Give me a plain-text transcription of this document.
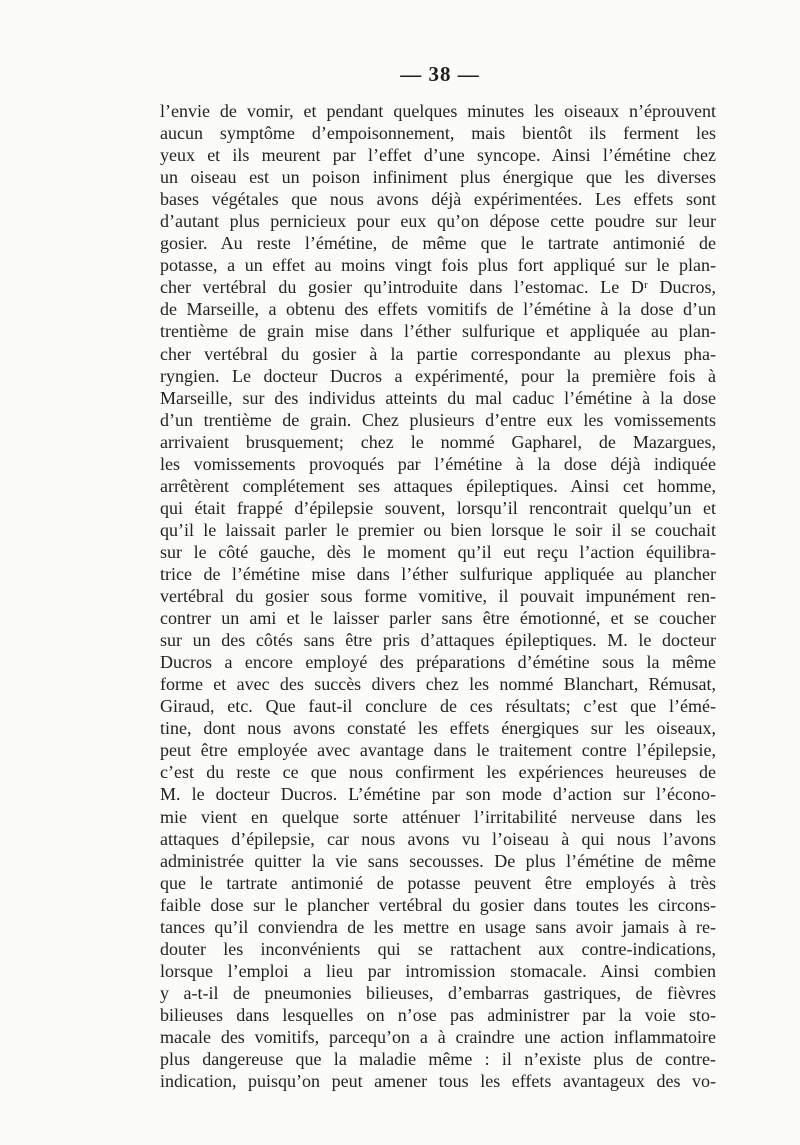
— 38 —
l’envie de vomir, et pendant quelques minutes les oiseaux n’éprouvent
aucun symptôme d’empoisonnement, mais bientôt ils ferment les
yeux et ils meurent par l’effet d’une syncope. Ainsi l’émétine chez
un oiseau est un poison infiniment plus énergique que les diverses
bases végétales que nous avons déjà expérimentées. Les effets sont
d’autant plus pernicieux pour eux qu’on dépose cette poudre sur leur
gosier. Au reste l’émétine, de même que le tartrate antimonié de
potasse, a un effet au moins vingt fois plus fort appliqué sur le plan-
cher vertébral du gosier qu’introduite dans l’estomac. Le Dʳ Ducros,
de Marseille, a obtenu des effets vomitifs de l’émétine à la dose d’un
trentième de grain mise dans l’éther sulfurique et appliquée au plan-
cher vertébral du gosier à la partie correspondante au plexus pha-
ryngien. Le docteur Ducros a expérimenté, pour la première fois à
Marseille, sur des individus atteints du mal caduc l’émétine à la dose
d’un trentième de grain. Chez plusieurs d’entre eux les vomissements
arrivaient brusquement; chez le nommé Gapharel, de Mazargues,
les vomissements provoqués par l’émétine à la dose déjà indiquée
arrêtèrent complétement ses attaques épileptiques. Ainsi cet homme,
qui était frappé d’épilepsie souvent, lorsqu’il rencontrait quelqu’un et
qu’il le laissait parler le premier ou bien lorsque le soir il se couchait
sur le côté gauche, dès le moment qu’il eut reçu l’action équilibra-
trice de l’émétine mise dans l’éther sulfurique appliquée au plancher
vertébral du gosier sous forme vomitive, il pouvait impunément ren-
contrer un ami et le laisser parler sans être émotionné, et se coucher
sur un des côtés sans être pris d’attaques épileptiques. M. le docteur
Ducros a encore employé des préparations d’émétine sous la même
forme et avec des succès divers chez les nommé Blanchart, Rémusat,
Giraud, etc. Que faut-il conclure de ces résultats; c’est que l’émé-
tine, dont nous avons constaté les effets énergiques sur les oiseaux,
peut être employée avec avantage dans le traitement contre l’épilepsie,
c’est du reste ce que nous confirment les expériences heureuses de
M. le docteur Ducros. L’émétine par son mode d’action sur l’écono-
mie vient en quelque sorte atténuer l’irritabilité nerveuse dans les
attaques d’épilepsie, car nous avons vu l’oiseau à qui nous l’avons
administrée quitter la vie sans secousses. De plus l’émétine de même
que le tartrate antimonié de potasse peuvent être employés à très
faible dose sur le plancher vertébral du gosier dans toutes les circons-
tances qu’il conviendra de les mettre en usage sans avoir jamais à re-
douter les inconvénients qui se rattachent aux contre-indications,
lorsque l’emploi a lieu par intromission stomacale. Ainsi combien
y a-t-il de pneumonies bilieuses, d’embarras gastriques, de fièvres
bilieuses dans lesquelles on n’ose pas administrer par la voie sto-
macale des vomitifs, parcequ’on a à craindre une action inflammatoire
plus dangereuse que la maladie même : il n’existe plus de contre-
indication, puisqu’on peut amener tous les effets avantageux des vo-
